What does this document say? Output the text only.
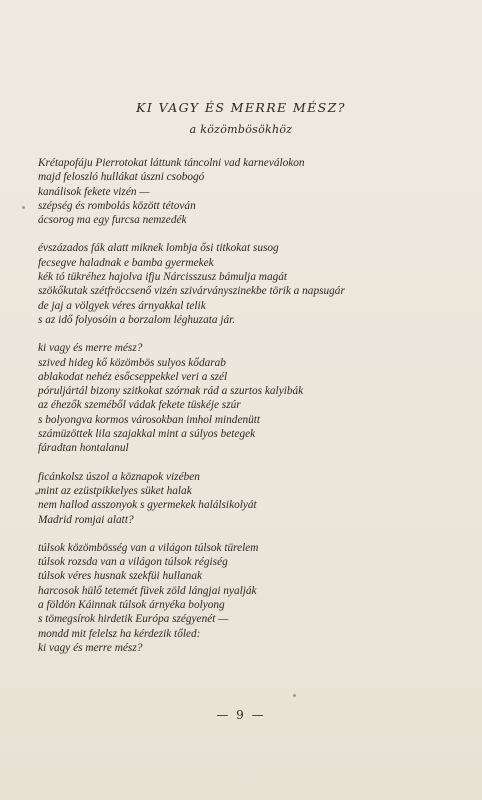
KI VAGY ÉS MERRE MÉSZ?
a közömbösökhöz
Krétapofáju Pierrotokat láttunk táncolni vad karneválokon
majd feloszló hullákat úszni csobogó
kanálisok fekete vizén —
szépség és rombolás között tétován
ácsorog ma egy furcsa nemzedék
évszázados fák alatt miknek lombja ősi titkokat susog
fecsegve haladnak e bamba gyermekek
kék tó tükréhez hajolva ifju Nárcisszusz bámulja magát
szökőkutak szétfröccsenő vizén szivárványszinekbe törik a napsugár
de jaj a völgyek véres árnyakkal telik
s az idő folyosóin a borzalom léghuzata jár.
ki vagy és merre mész?
szived hideg kő közömbös sulyos kődarab
ablakodat nehéz esőcseppekkel veri a szél
póruljártál bizony szitkokat szórnak rád a szurtos kalyibák
az éhezők szeméből vádak fekete tüskéje szúr
s bolyongva kormos városokban imhol mindenütt
számüzöttek lila szajakkal mint a súlyos betegek
fáradtan hontalanul
ficánkolsz úszol a köznapok vizében
mint az ezüstpikkelyes süket halak
nem hallod asszonyok s gyermekek halálsikolyát
Madrid romjai alatt?
túlsok közömbösség van a világon túlsok türelem
túlsok rozsda van a világon túlsok régiség
túlsok véres husnak szekfüi hullanak
harcosok hülő tetemét füvek zöld lángjai nyalják
a földön Káinnak túlsok árnyéka bolyong
s tömegsírok hirdetik Európa szégyenét —
mondd mit felelsz ha kérdezik tőled:
ki vagy és merre mész?
— 9 —
